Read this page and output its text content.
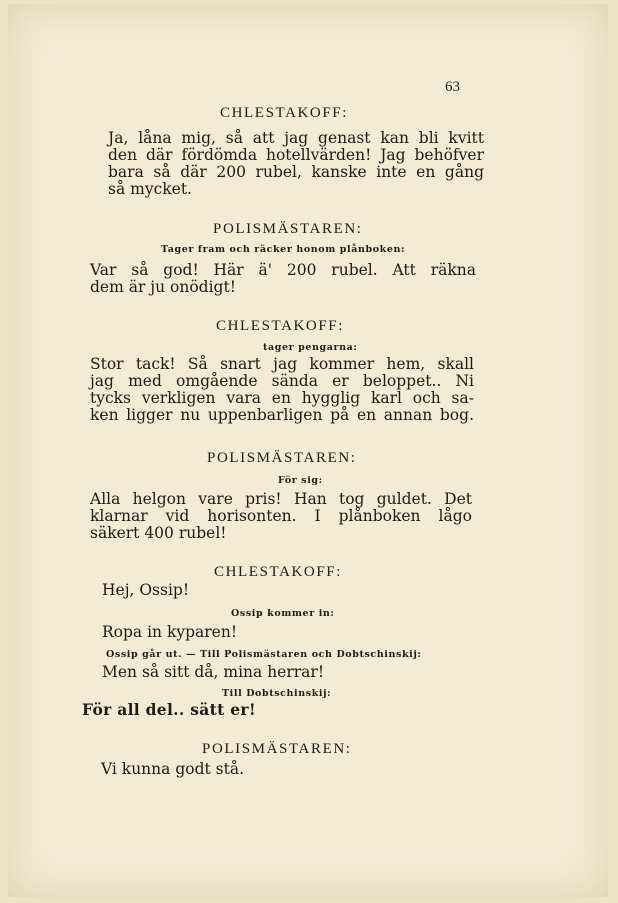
63
CHLESTAKOFF:
Ja, låna mig, så att jag genast kan bli kvitt
den där fördömda hotellvärden! Jag behöfver
bara så där 200 rubel, kanske inte en gång
så mycket.
POLISMÄSTAREN:
Tager fram och räcker honom plånboken:
Var så god! Här ä' 200 rubel. Att räkna
dem är ju onödigt!
CHLESTAKOFF:
tager pengarna:
Stor tack! Så snart jag kommer hem, skall
jag med omgående sända er beloppet.. Ni
tycks verkligen vara en hygglig karl och sa-
ken ligger nu uppenbarligen på en annan bog.
POLISMÄSTAREN:
För sig:
Alla helgon vare pris! Han tog guldet. Det
klarnar vid horisonten. I plånboken lågo
säkert 400 rubel!
CHLESTAKOFF:
Hej, Ossip!
Ossip kommer in:
Ropa in kyparen!
Ossip går ut. — Till Polismästaren och Dobtschinskij:
Men så sitt då, mina herrar!
Till Dobtschinskij:
För all del.. sätt er!
POLISMÄSTAREN:
Vi kunna godt stå.
